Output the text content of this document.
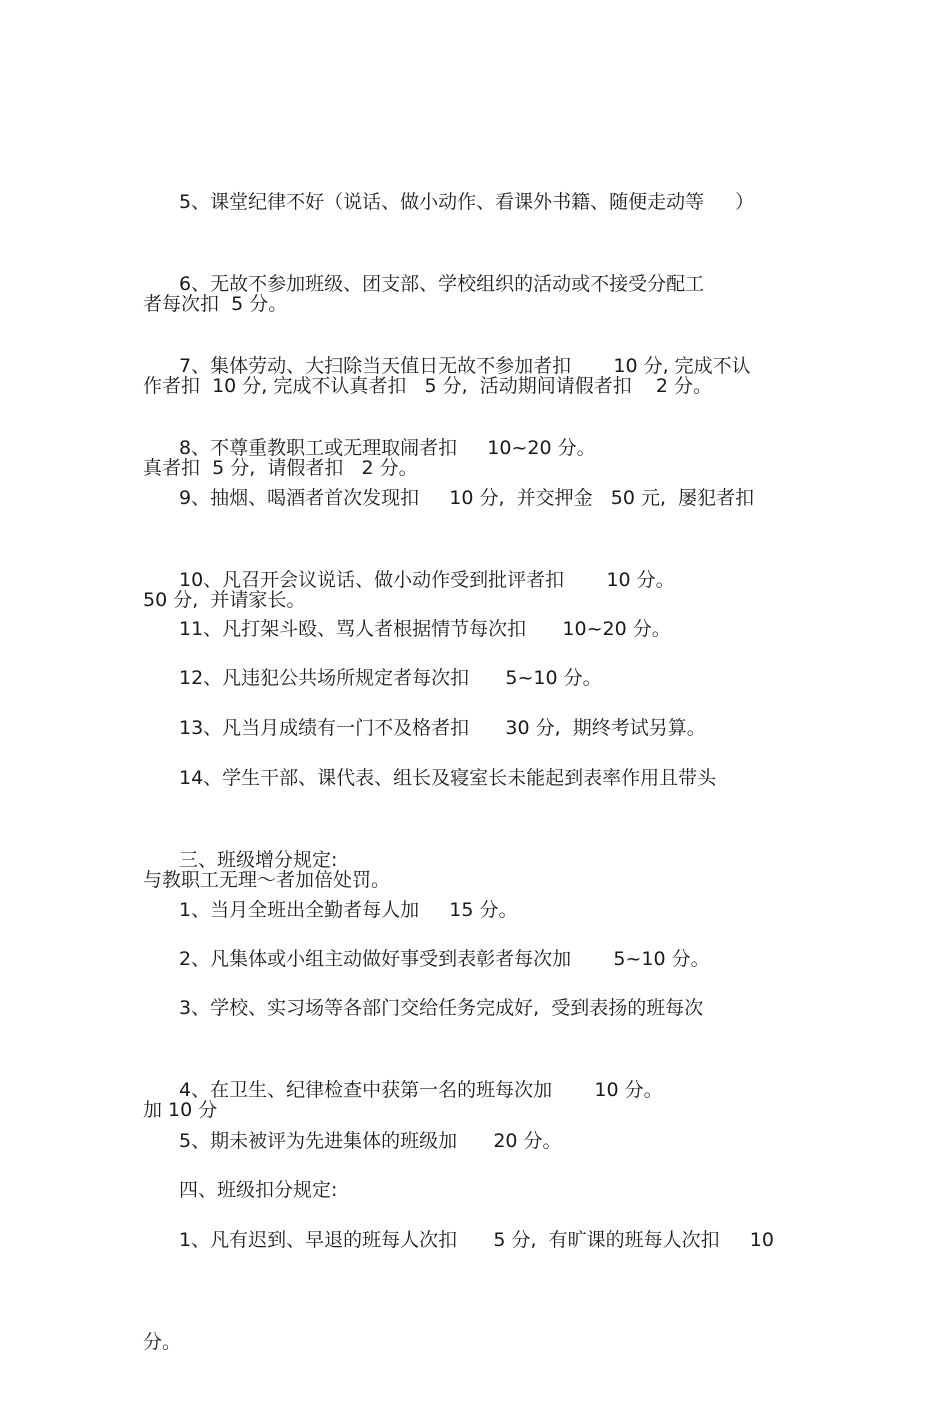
5、课堂纪律不好（说话、做小动作、看课外书籍、随便走动等　  ）

者每次扣  5 分。

6、无故不参加班级、团支部、学校组织的活动或不接受分配工

作者扣  10 分, 完成不认真者扣   5 分,  活动期间请假者扣    2 分。

7、集体劳动、大扫除当天值日无故不参加者扣       10 分, 完成不认

真者扣  5 分,  请假者扣   2 分。

8、不尊重教职工或无理取闹者扣     10~20 分。

9、抽烟、喝酒者首次发现扣     10 分,  并交押金   50 元,  屡犯者扣

50 分,  并请家长。

10、凡召开会议说话、做小动作受到批评者扣       10 分。

11、凡打架斗殴、骂人者根据情节每次扣      10~20 分。

12、凡违犯公共场所规定者每次扣      5~10 分。

13、凡当月成绩有一门不及格者扣      30 分,  期终考试另算。

14、学生干部、课代表、组长及寝室长未能起到表率作用且带头

与教职工无理～者加倍处罚。

三、班级增分规定:

1、当月全班出全勤者每人加     15 分。

2、凡集体或小组主动做好事受到表彰者每次加       5~10 分。

3、学校、实习场等各部门交给任务完成好,  受到表扬的班每次

加 10 分

4、在卫生、纪律检查中获第一名的班每次加       10 分。

5、期未被评为先进集体的班级加      20 分。

四、班级扣分规定:

1、凡有迟到、早退的班每人次扣      5 分,  有旷课的班每人次扣     10

分。
